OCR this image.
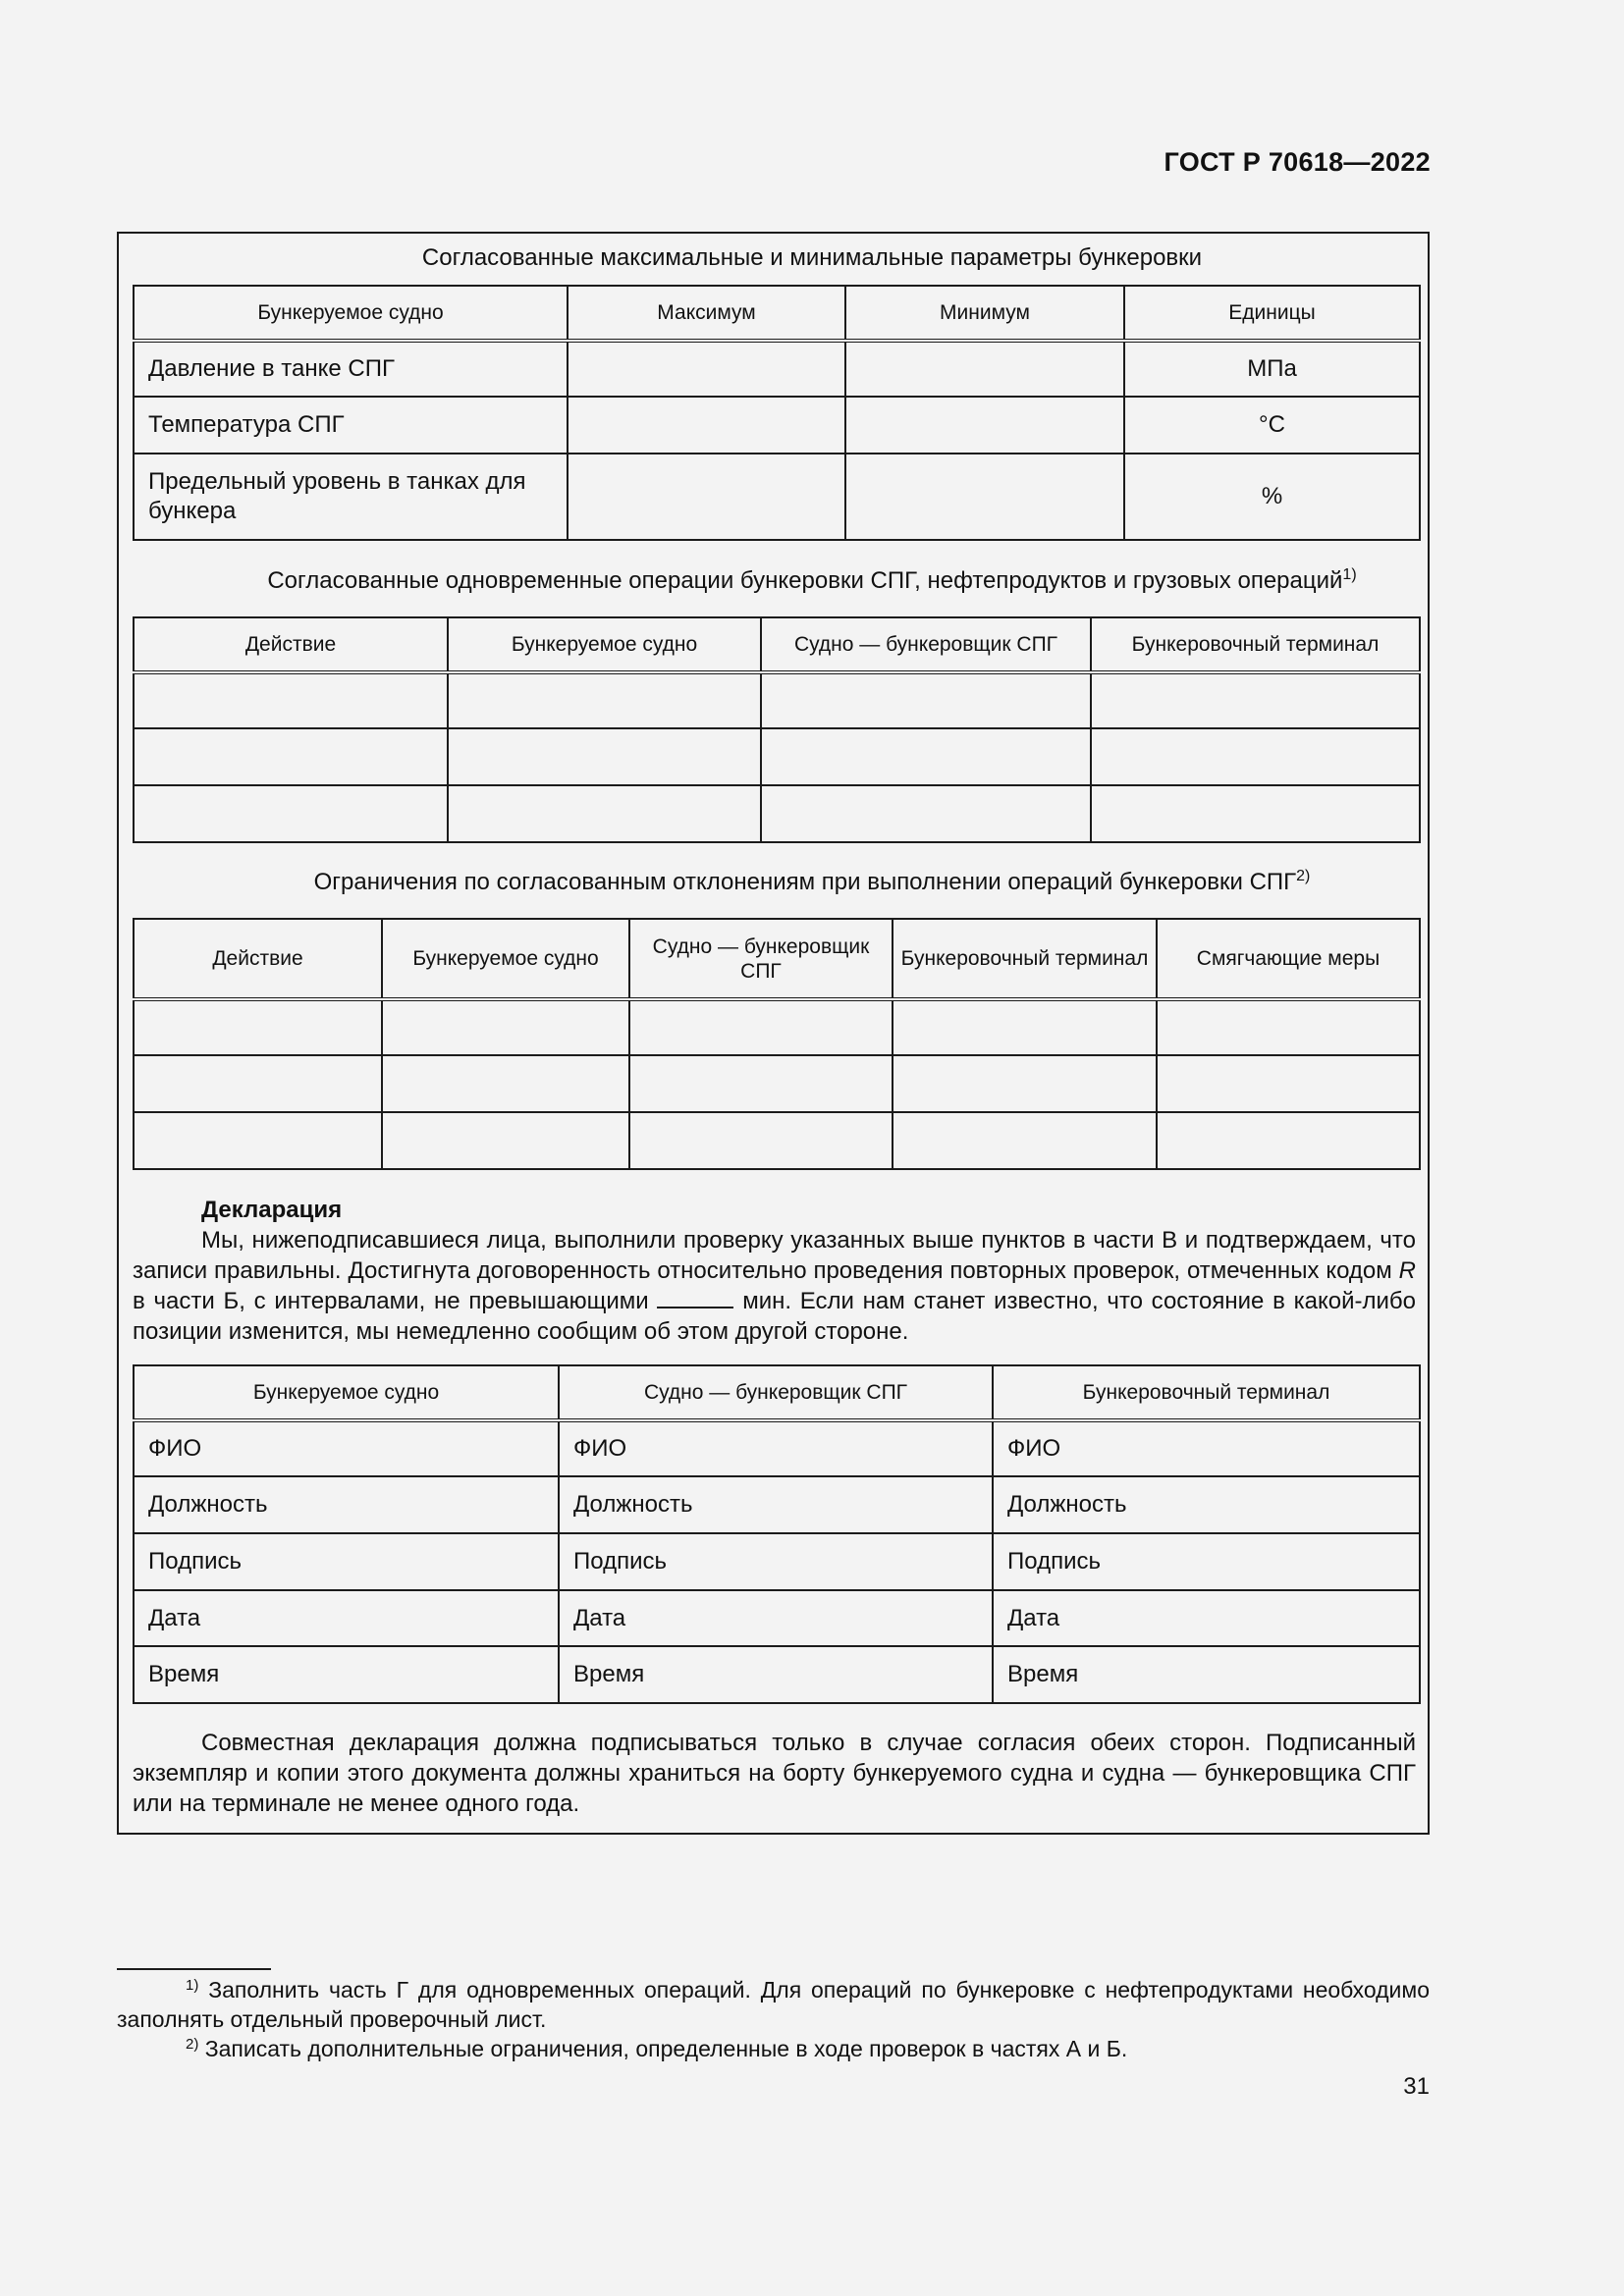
ГОСТ Р 70618—2022
Согласованные максимальные и минимальные параметры бункеровки
Бункеруемое судно	Максимум	Минимум	Единицы
Давление в танке СПГ			МПа
Температура СПГ			°С
Предельный уровень в танках для бункера			%
Согласованные одновременные операции бункеровки СПГ, нефтепродуктов и грузовых операций$^{1)}$
Действие	Бункеруемое судно	Судно — бункеровщик СПГ	Бункеровочный терминал

Ограничения по согласованным отклонениям при выполнении операций бункеровки СПГ$^{2)}$
Действие	Бункеруемое судно	Судно — бункеровщик СПГ	Бункеровочный терминал	Смягчающие меры

Декларация

Мы, нижеподписавшиеся лица, выполнили проверку указанных выше пунктов в части В и подтверждаем, что записи правильны. Достигнута договоренность относительно проведения повторных проверок, отмеченных кодом R в части Б, с интервалами, не превышающими	мин. Если нам станет известно, что состояние в какой-либо позиции изменится, мы немедленно сообщим об этом другой стороне.

Бункеруемое судно	Судно — бункеровщик СПГ	Бункеровочный терминал
ФИО	ФИО	ФИО
Должность	Должность	Должность
Подпись	Подпись	Подпись
Дата	Дата	Дата
Время	Время	Время

Совместная декларация должна подписываться только в случае согласия обеих сторон. Подписанный экземпляр и копии этого документа должны храниться на борту бункеруемого судна и судна — бункеровщика СПГ или на терминале не менее одного года.

$^{1)}$ Заполнить часть Г для одновременных операций. Для операций по бункеровке с нефтепродуктами необходимо заполнять отдельный проверочный лист.

$^{2)}$ Записать дополнительные ограничения, определенные в ходе проверок в частях А и Б.

31
